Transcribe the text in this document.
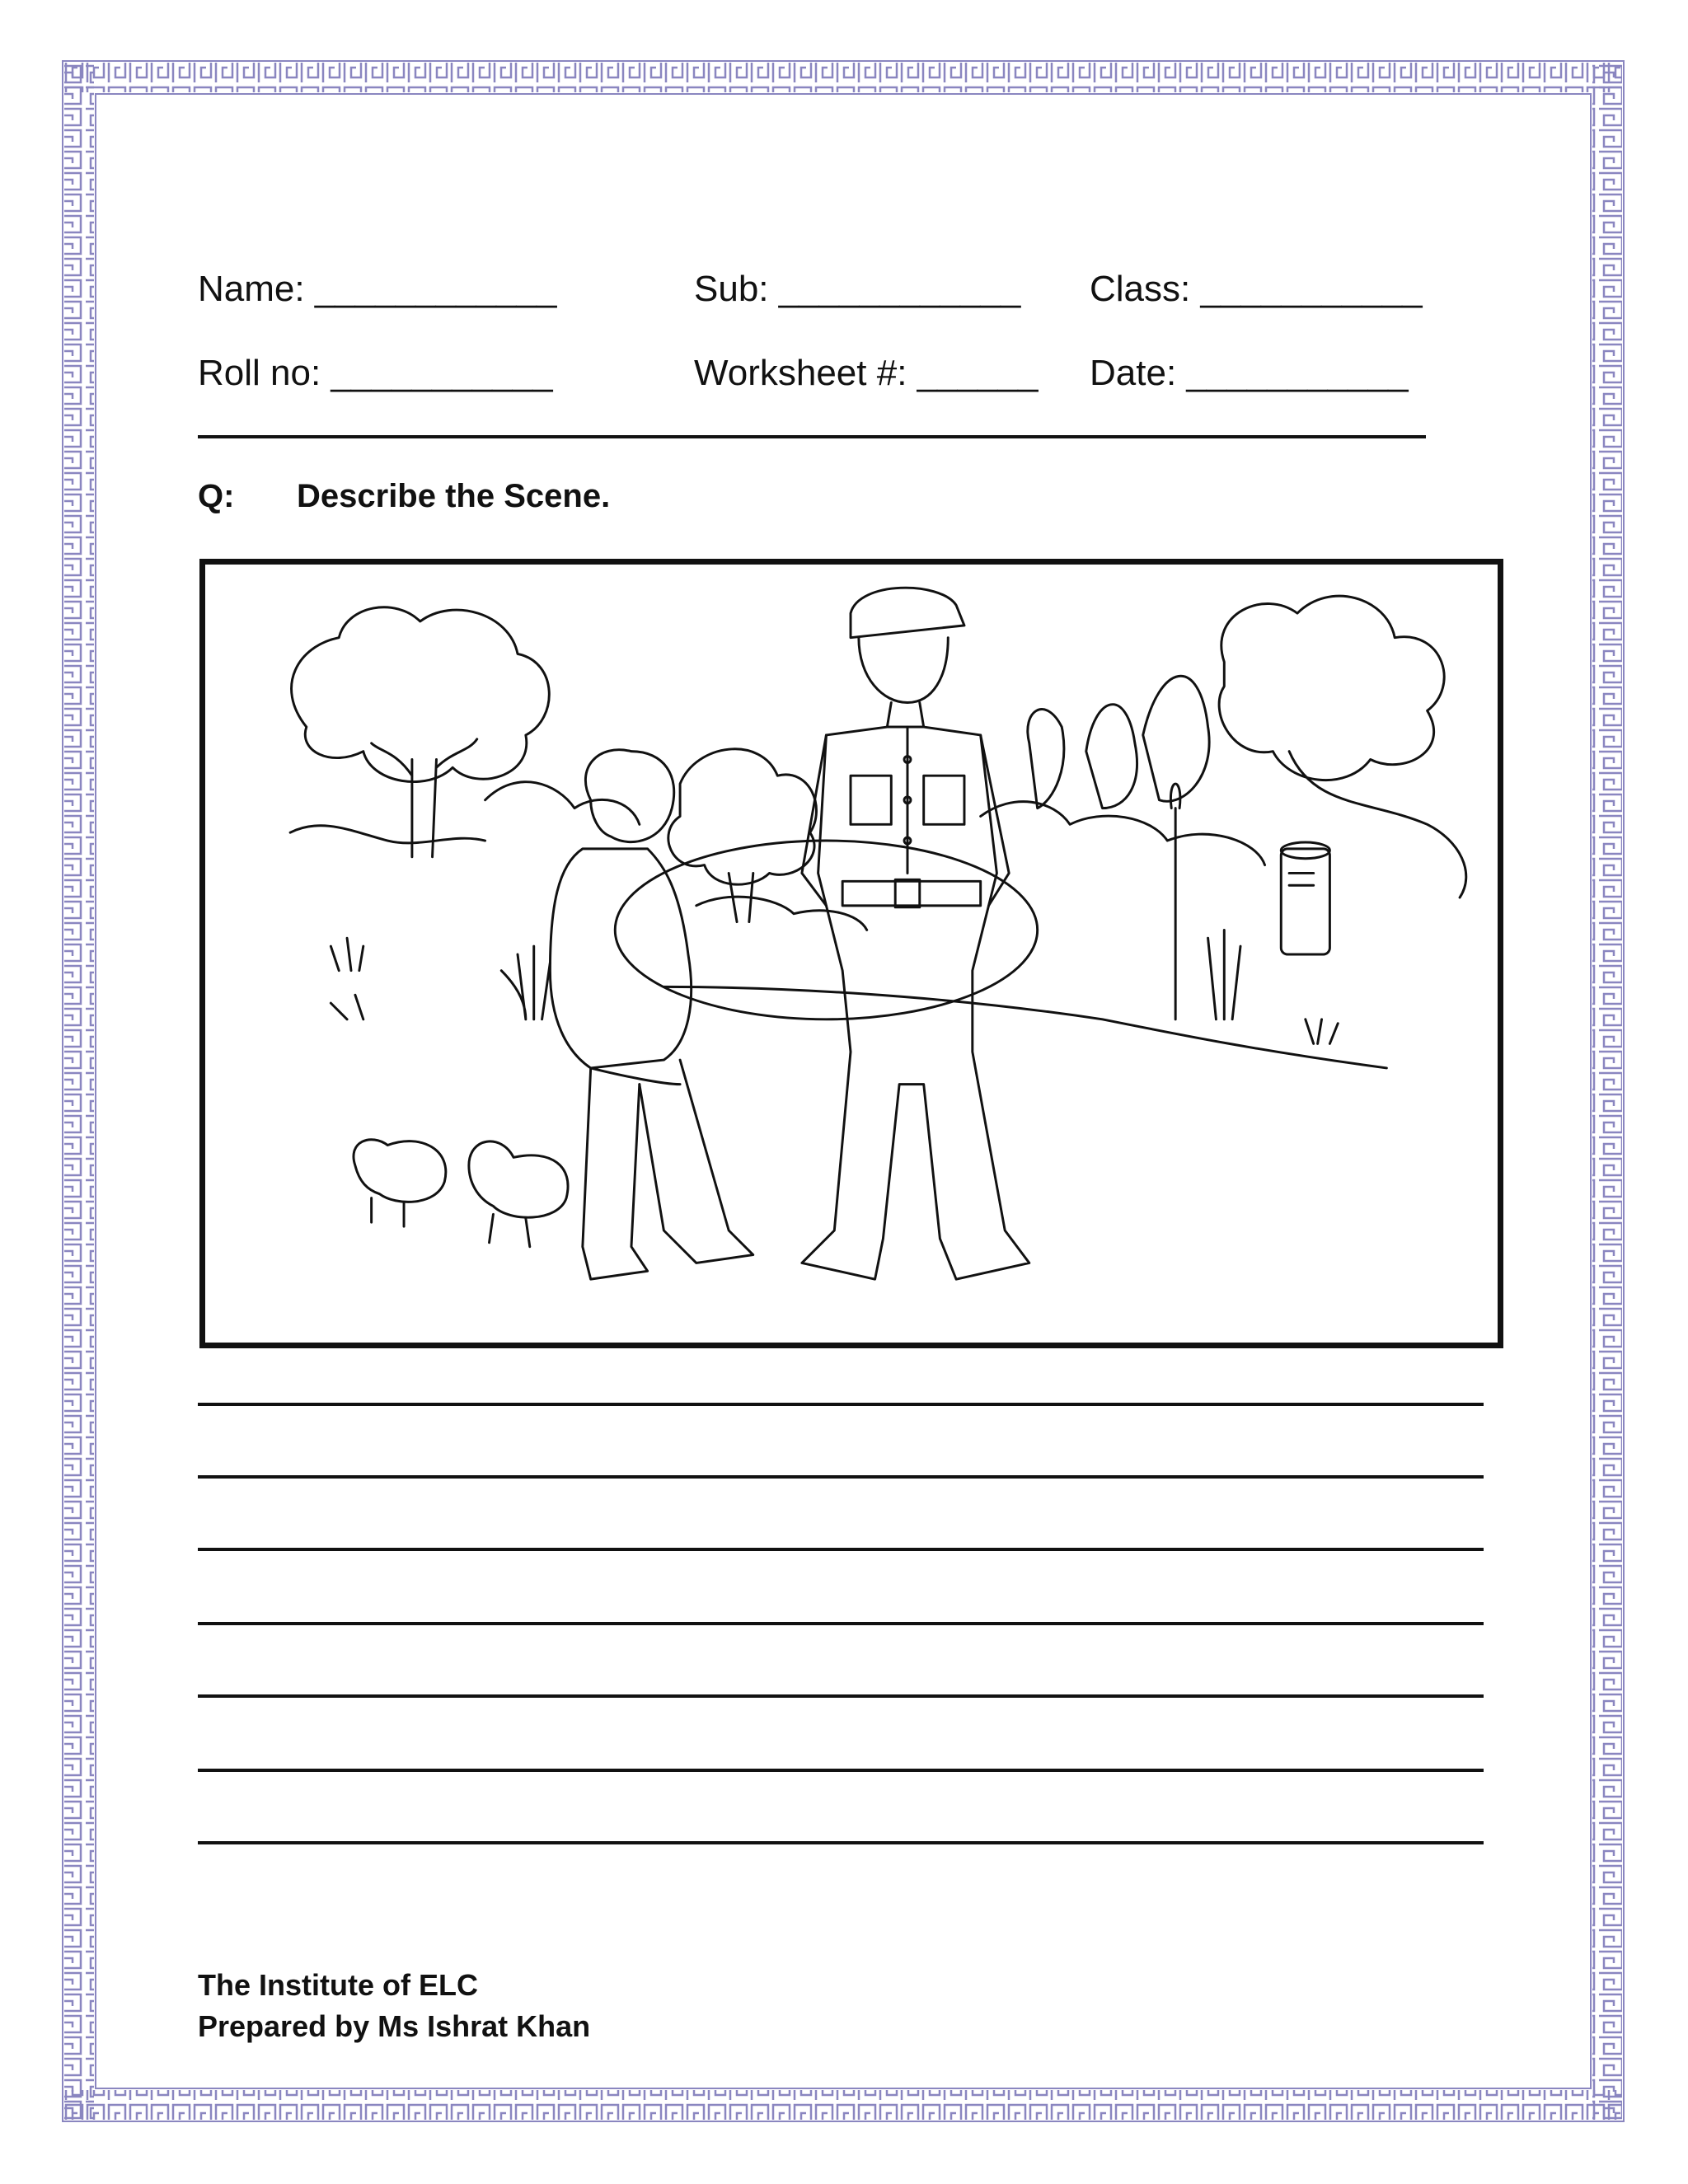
Name: ____________	Sub: ____________ Class: ___________
Roll no: ___________	Worksheet #: ______ Date: ___________
Q: Describe the Scene.
The Institute of ELC
Prepared by Ms Ishrat Khan
